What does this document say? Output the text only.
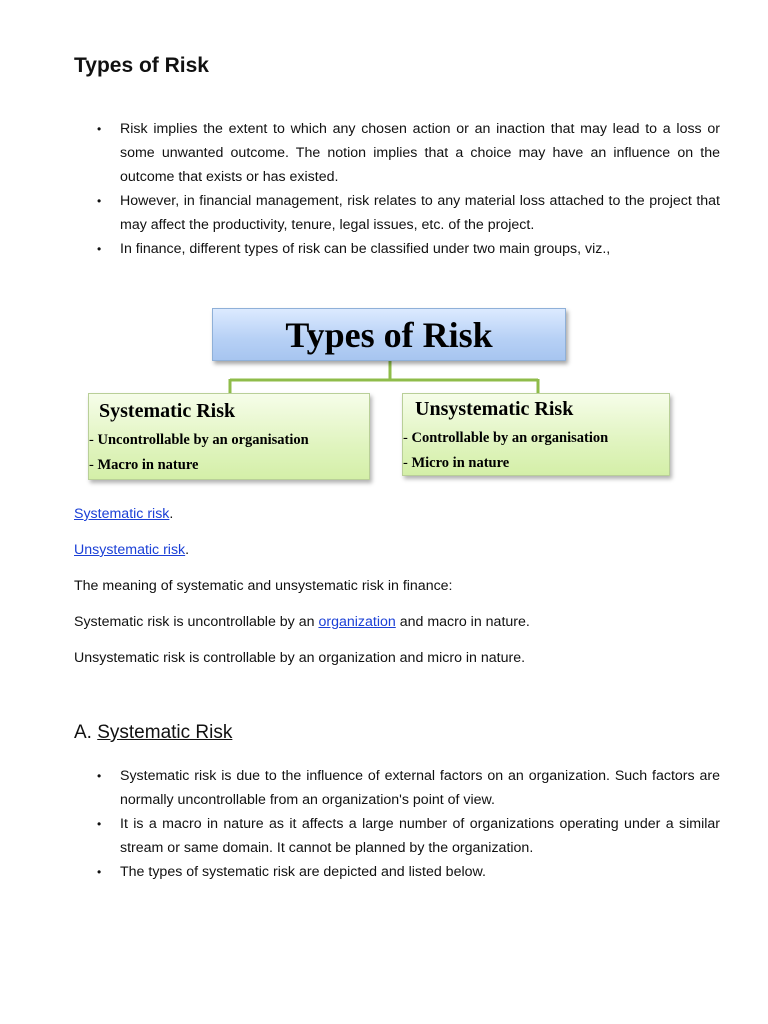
Types of Risk
• Risk implies the extent to which any chosen action or an inaction that may lead to a loss or some unwanted outcome. The notion implies that a choice may have an influence on the outcome that exists or has existed.
• However, in financial management, risk relates to any material loss attached to the project that may affect the productivity, tenure, legal issues, etc. of the project.
• In finance, different types of risk can be classified under two main groups, viz.,
Types of Risk
Systematic Risk
- Uncontrollable by an organisation
- Macro in nature
Unsystematic Risk
- Controllable by an organisation
- Micro in nature

Systematic risk.

Unsystematic risk.

The meaning of systematic and unsystematic risk in finance:

Systematic risk is uncontrollable by an organization and macro in nature.

Unsystematic risk is controllable by an organization and micro in nature.

A. Systematic Risk
• Systematic risk is due to the influence of external factors on an organization. Such factors are normally uncontrollable from an organization's point of view.
• It is a macro in nature as it affects a large number of organizations operating under a similar stream or same domain. It cannot be planned by the organization.
• The types of systematic risk are depicted and listed below.
